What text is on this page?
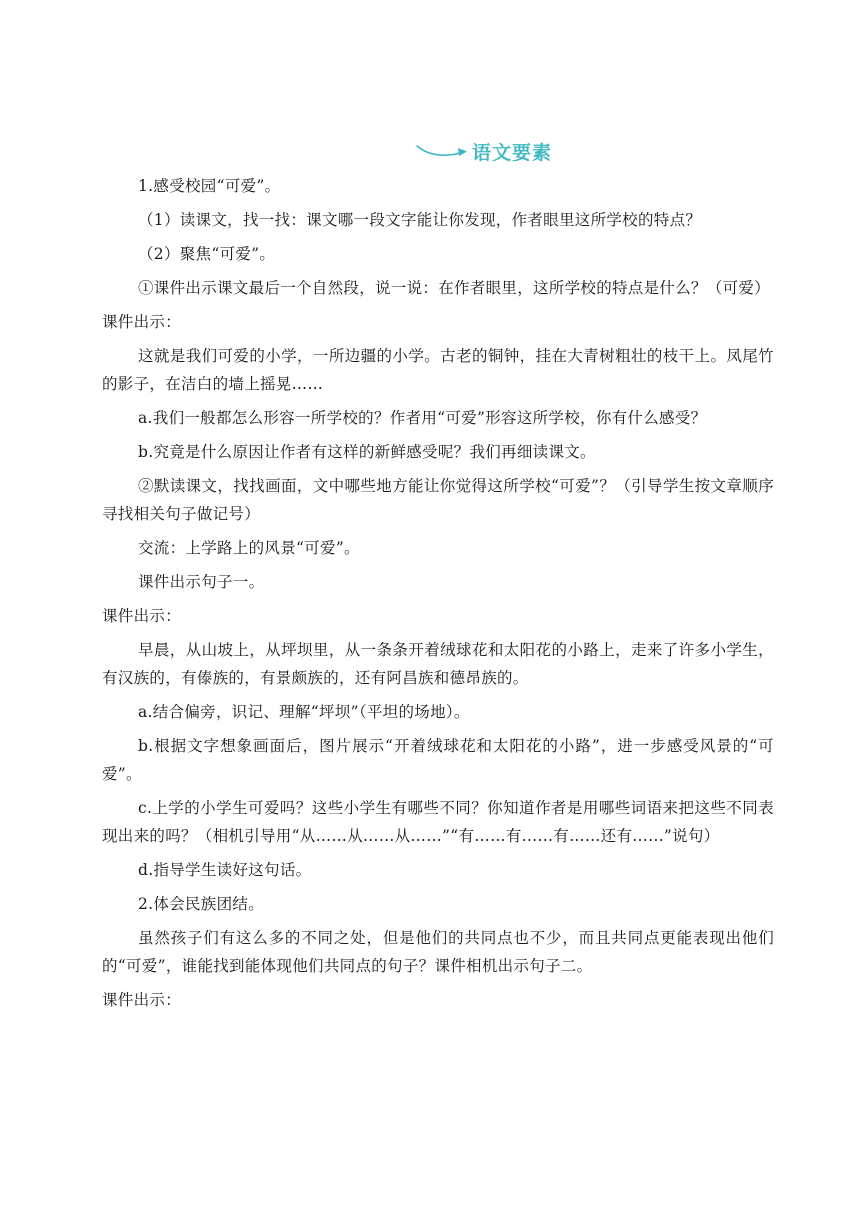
语文要素

1.感受校园“可爱”。

（1）读课文，找一找：课文哪一段文字能让你发现，作者眼里这所学校的特点？

（2）聚焦“可爱”。

①课件出示课文最后一个自然段，说一说：在作者眼里，这所学校的特点是什么？（可爱）

课件出示：

这就是我们可爱的小学，一所边疆的小学。古老的铜钟，挂在大青树粗壮的枝干上。凤尾竹的影子，在洁白的墙上摇晃……

a.我们一般都怎么形容一所学校的？作者用“可爱”形容这所学校，你有什么感受？

b.究竟是什么原因让作者有这样的新鲜感受呢？我们再细读课文。

②默读课文，找找画面，文中哪些地方能让你觉得这所学校“可爱”？（引导学生按文章顺序寻找相关句子做记号）

交流：上学路上的风景“可爱”。

课件出示句子一。

课件出示：

早晨，从山坡上，从坪坝里，从一条条开着绒球花和太阳花的小路上，走来了许多小学生，有汉族的，有傣族的，有景颇族的，还有阿昌族和德昂族的。

a.结合偏旁，识记、理解“坪坝”（平坦的场地）。

b.根据文字想象画面后，图片展示“开着绒球花和太阳花的小路”，进一步感受风景的“可爱”。

c.上学的小学生可爱吗？这些小学生有哪些不同？你知道作者是用哪些词语来把这些不同表现出来的吗？（相机引导用“从……从……从……”“有……有……有……还有……”说句）

d.指导学生读好这句话。

2.体会民族团结。

虽然孩子们有这么多的不同之处，但是他们的共同点也不少，而且共同点更能表现出他们的“可爱”，谁能找到能体现他们共同点的句子？课件相机出示句子二。

课件出示：
